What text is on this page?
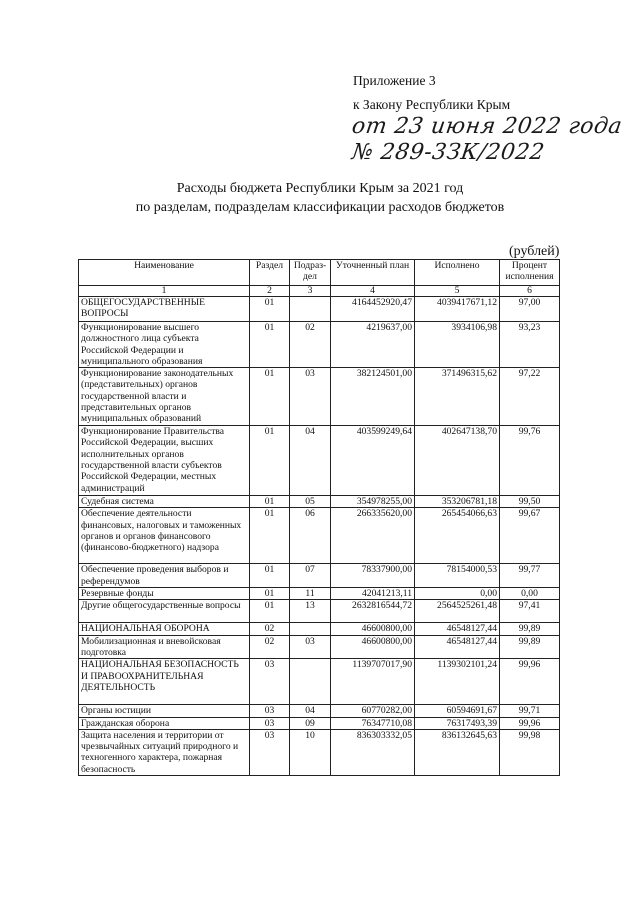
Приложение 3
к Закону Республики Крым
от 23 июня 2022 года
№ 289-3ЗК/2022
Расходы бюджета Республики Крым за 2021 год
по разделам, подразделам классификации расходов бюджетов
(рублей)
Наименование	Раздел	Подраз-дел	Уточненный план	Исполнено	Процент исполнения
1	2	3	4	5	6
ОБЩЕГОСУДАРСТВЕННЫЕ ВОПРОСЫ	01		4164452920,47	4039417671,12	97,00
Функционирование высшего должностного лица субъекта Российской Федерации и муниципального образования	01	02	4219637,00	3934106,98	93,23
Функционирование законодательных (представительных) органов государственной власти и представительных органов муниципальных образований	01	03	382124501,00	371496315,62	97,22
Функционирование Правительства Российской Федерации, высших исполнительных органов государственной власти субъектов Российской Федерации, местных администраций	01	04	403599249,64	402647138,70	99,76
Судебная система	01	05	354978255,00	353206781,18	99,50
Обеспечение деятельности финансовых, налоговых и таможенных органов и органов финансового (финансово-бюджетного) надзора	01	06	266335620,00	265454066,63	99,67
Обеспечение проведения выборов и референдумов	01	07	78337900,00	78154000,53	99,77
Резервные фонды	01	11	42041213,11	0,00	0,00
Другие общегосударственные вопросы	01	13	2632816544,72	2564525261,48	97,41
НАЦИОНАЛЬНАЯ ОБОРОНА	02		46600800,00	46548127,44	99,89
Мобилизационная и вневойсковая подготовка	02	03	46600800,00	46548127,44	99,89
НАЦИОНАЛЬНАЯ БЕЗОПАСНОСТЬ И ПРАВООХРАНИТЕЛЬНАЯ ДЕЯТЕЛЬНОСТЬ	03		1139707017,90	1139302101,24	99,96
Органы юстиции	03	04	60770282,00	60594691,67	99,71
Гражданская оборона	03	09	76347710,08	76317493,39	99,96
Защита населения и территории от чрезвычайных ситуаций природного и техногенного характера, пожарная безопасность	03	10	836303332,05	836132645,63	99,98
